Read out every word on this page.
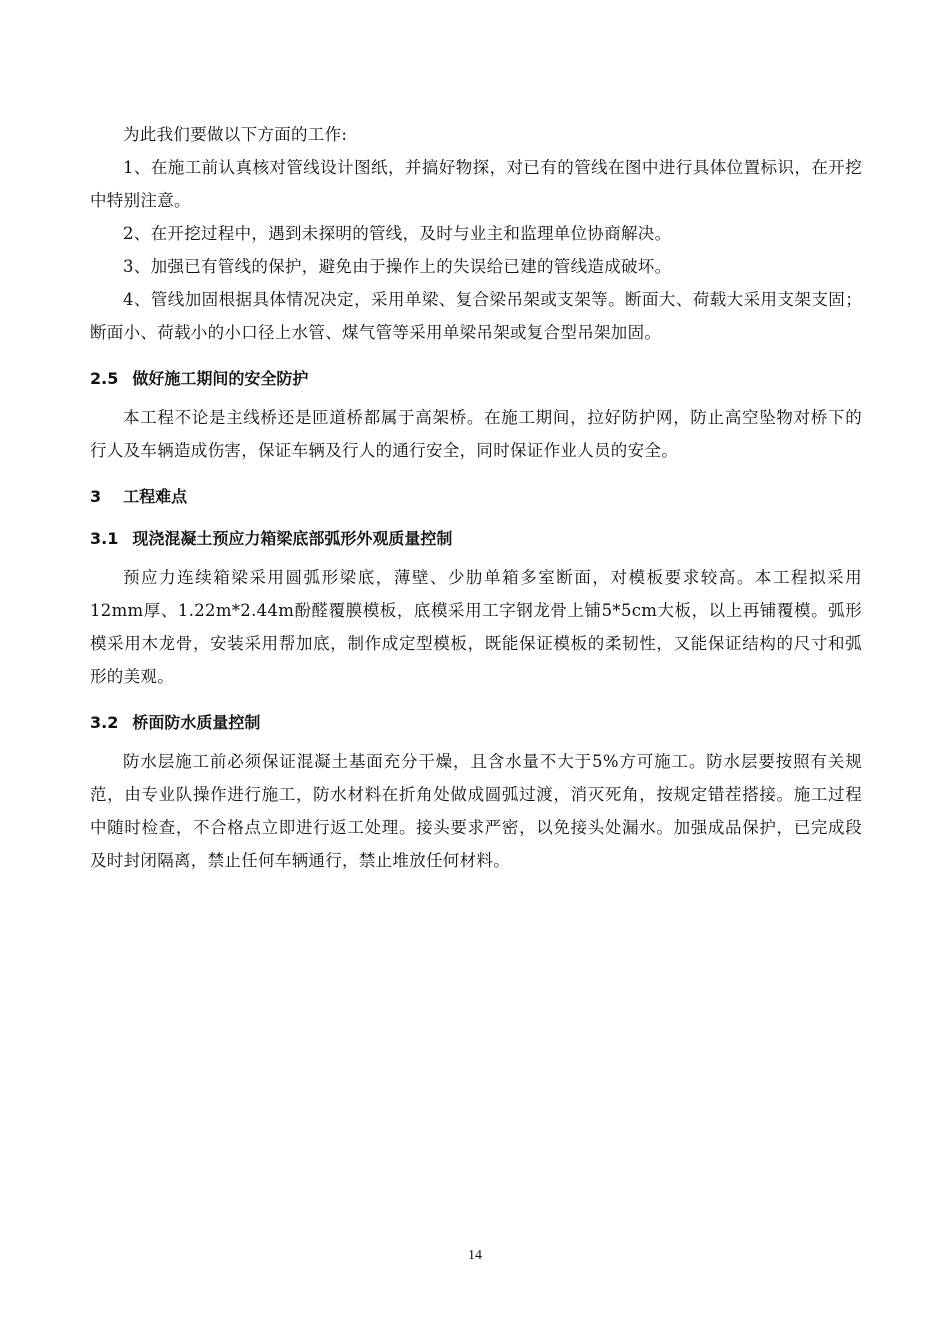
为此我们要做以下方面的工作:

1、在施工前认真核对管线设计图纸，并搞好物探，对已有的管线在图中进行具体位置标识，在开挖中特别注意。

2、在开挖过程中，遇到未探明的管线，及时与业主和监理单位协商解决。

3、加强已有管线的保护，避免由于操作上的失误给已建的管线造成破坏。

4、管线加固根据具体情况决定，采用单梁、复合梁吊架或支架等。断面大、荷载大采用支架支固；断面小、荷载小的小口径上水管、煤气管等采用单梁吊架或复合型吊架加固。

2.5 做好施工期间的安全防护

本工程不论是主线桥还是匝道桥都属于高架桥。在施工期间，拉好防护网，防止高空坠物对桥下的行人及车辆造成伤害，保证车辆及行人的通行安全，同时保证作业人员的安全。

3 工程难点
3.1 现浇混凝土预应力箱梁底部弧形外观质量控制

预应力连续箱梁采用圆弧形梁底，薄壁、少肋单箱多室断面，对模板要求较高。本工程拟采用12mm厚、1.22m*2.44m酚醛覆膜模板，底模采用工字钢龙骨上铺5*5cm大板，以上再铺覆模。弧形模采用木龙骨，安装采用帮加底，制作成定型模板，既能保证模板的柔韧性，又能保证结构的尺寸和弧形的美观。

3.2 桥面防水质量控制

防水层施工前必须保证混凝土基面充分干燥，且含水量不大于5%方可施工。防水层要按照有关规范，由专业队操作进行施工，防水材料在折角处做成圆弧过渡，消灭死角，按规定错茬搭接。施工过程中随时检查，不合格点立即进行返工处理。接头要求严密，以免接头处漏水。加强成品保护，已完成段及时封闭隔离，禁止任何车辆通行，禁止堆放任何材料。

14
